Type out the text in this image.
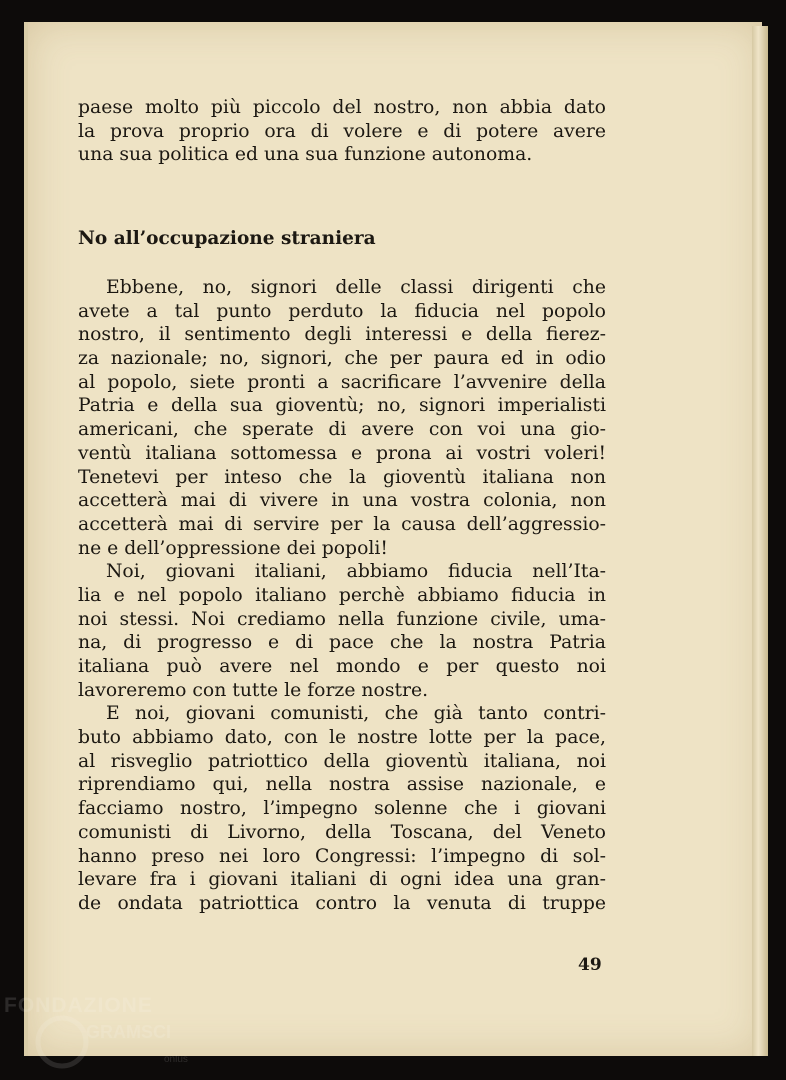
paese molto più piccolo del nostro, non abbia dato
la prova proprio ora di volere e di potere avere
una sua politica ed una sua funzione autonoma.
No all’occupazione straniera
Ebbene, no, signori delle classi dirigenti che
avete a tal punto perduto la fiducia nel popolo
nostro, il sentimento degli interessi e della fierez-
za nazionale; no, signori, che per paura ed in odio
al popolo, siete pronti a sacrificare l’avvenire della
Patria e della sua gioventù; no, signori imperialisti
americani, che sperate di avere con voi una gio-
ventù italiana sottomessa e prona ai vostri voleri!
Tenetevi per inteso che la gioventù italiana non
accetterà mai di vivere in una vostra colonia, non
accetterà mai di servire per la causa dell’aggressio-
ne e dell’oppressione dei popoli!
Noi, giovani italiani, abbiamo fiducia nell’Ita-
lia e nel popolo italiano perchè abbiamo fiducia in
noi stessi. Noi crediamo nella funzione civile, uma-
na, di progresso e di pace che la nostra Patria
italiana può avere nel mondo e per questo noi
lavoreremo con tutte le forze nostre.
E noi, giovani comunisti, che già tanto contri-
buto abbiamo dato, con le nostre lotte per la pace,
al risveglio patriottico della gioventù italiana, noi
riprendiamo qui, nella nostra assise nazionale, e
facciamo nostro, l’impegno solenne che i giovani
comunisti di Livorno, della Toscana, del Veneto
hanno preso nei loro Congressi: l’impegno di sol-
levare fra i giovani italiani di ogni idea una gran-
de ondata patriottica contro la venuta di truppe
49
FONDAZIONE
GRAMSCI
onlus
